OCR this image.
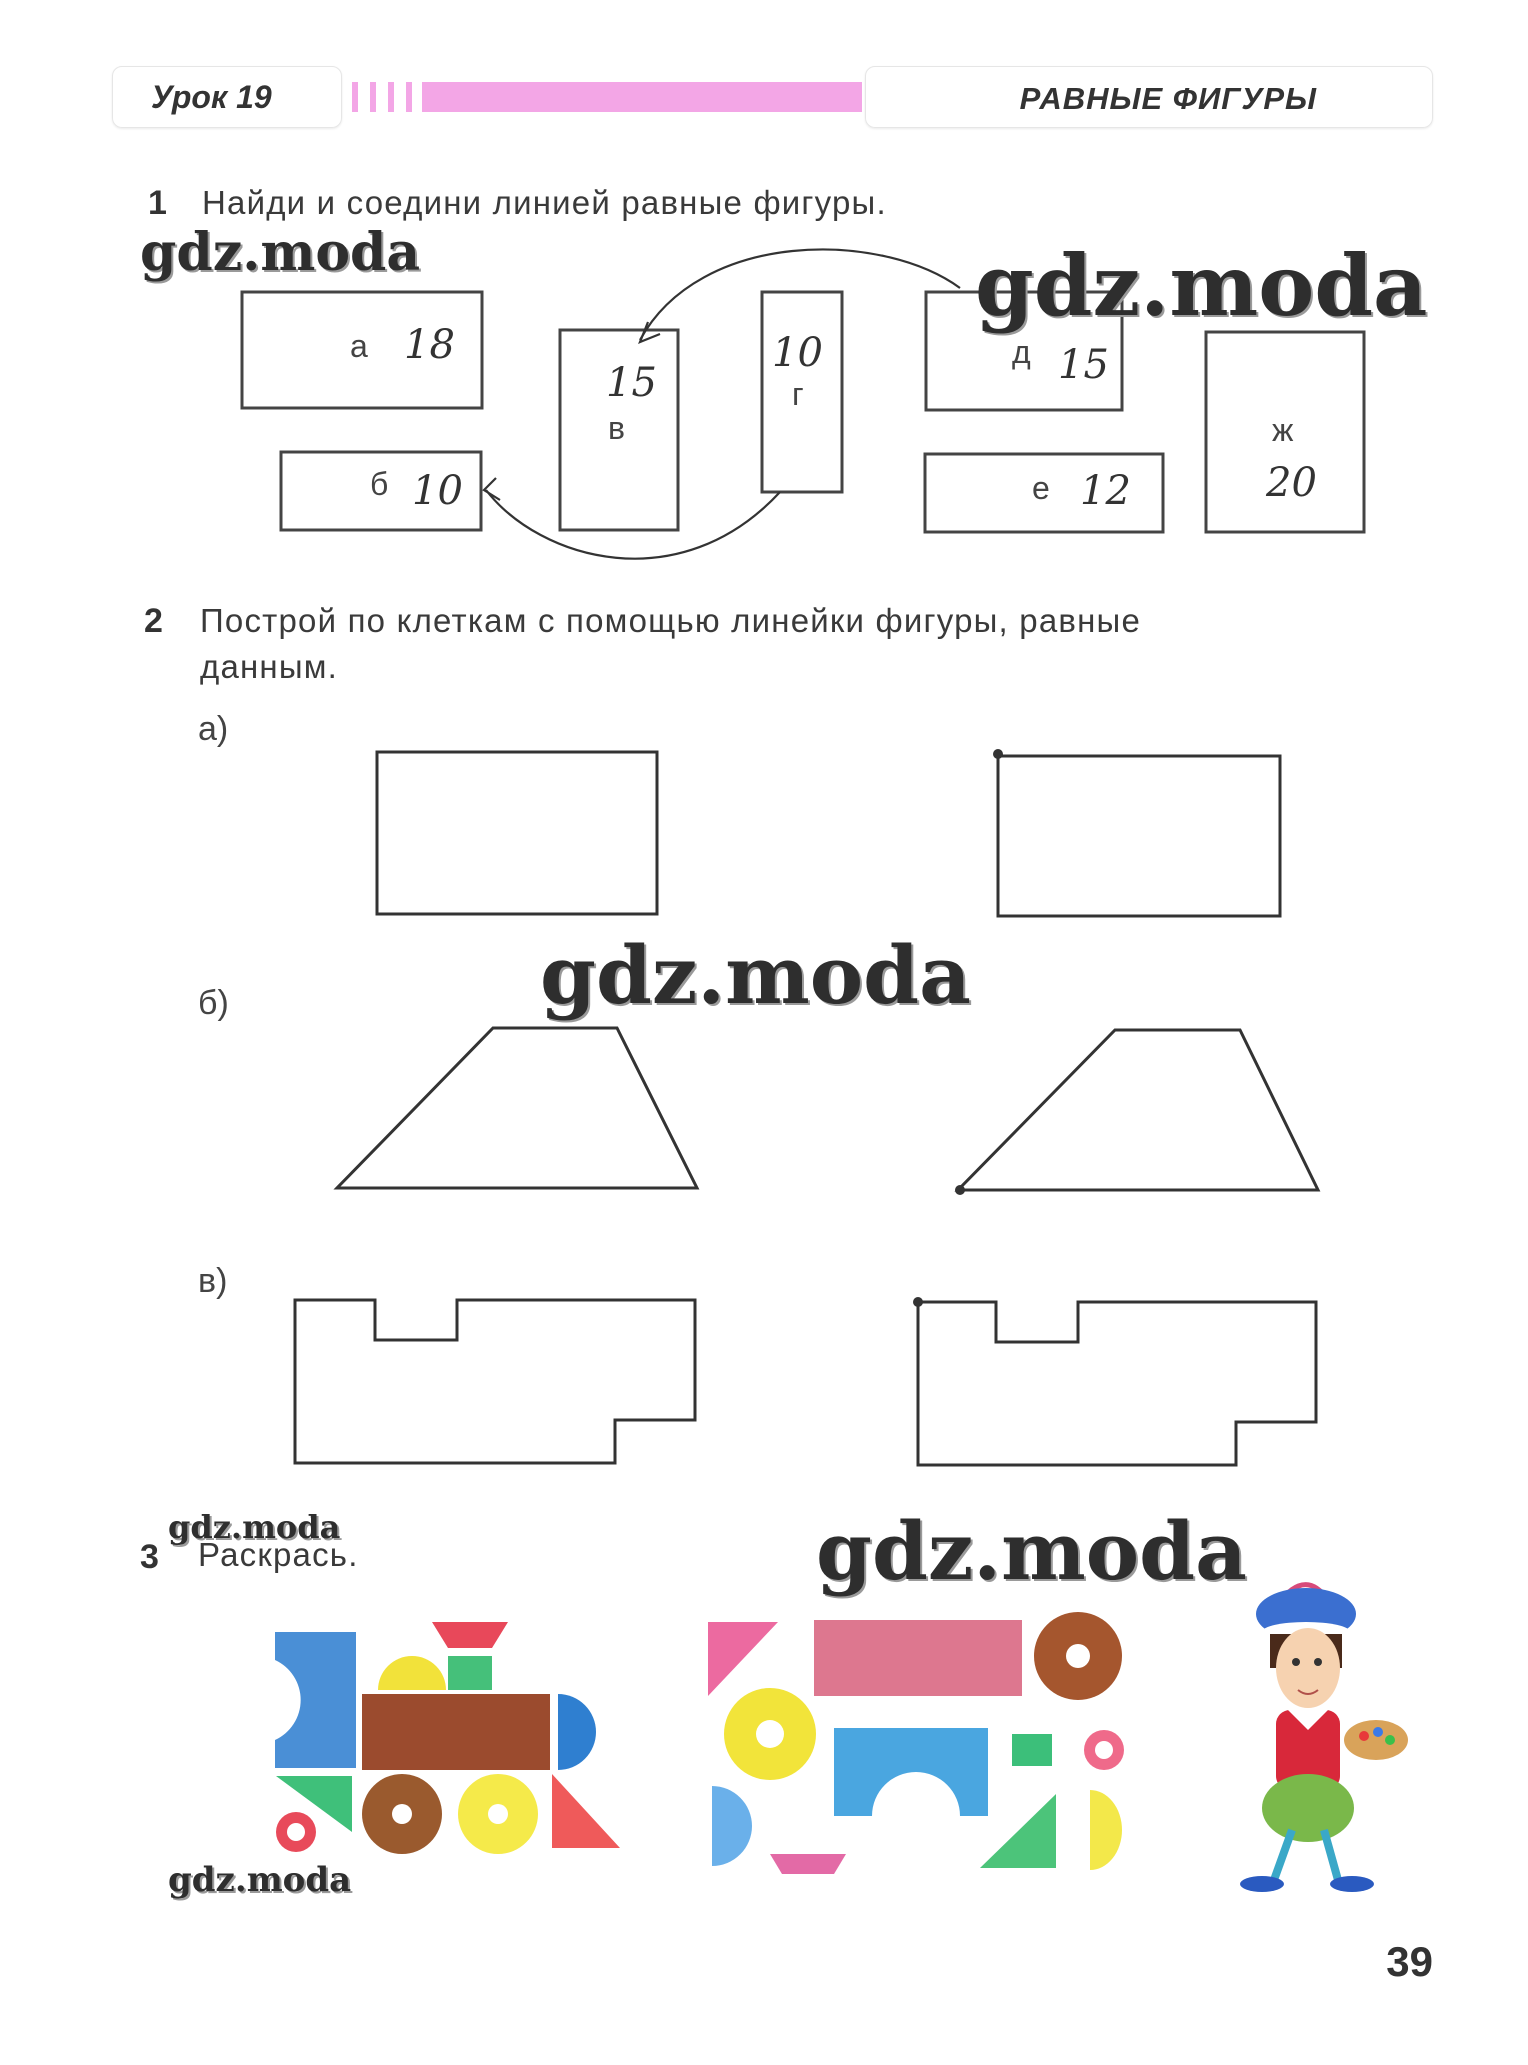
Урок 19	РАВНЫЕ ФИГУРЫ
1 Найди и соедини линией равные фигуры.
а 18
б 10
в
15	г
10	д 15
е 12
ж
20
2 Построй по клеткам с помощью линейки фигуры, равные
данным.
а)
б)
в)
3 Раскрась.
gdz.moda	gdz.moda
gdz.moda
gdz.moda	gdz.moda
gdz.moda
39
